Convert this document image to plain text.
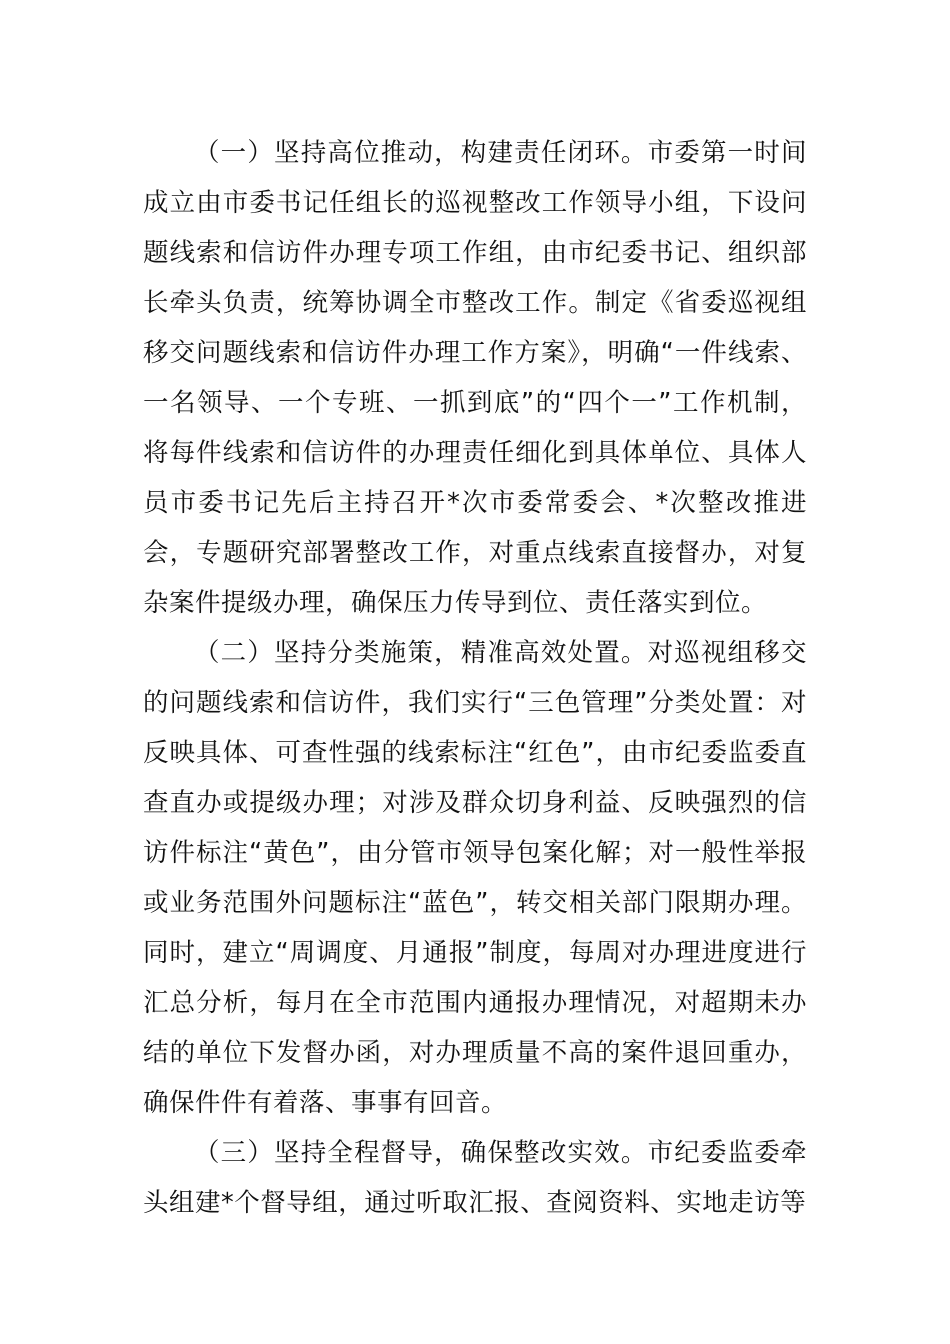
（一）坚持高位推动，构建责任闭环。市委第一时间成立由市委书记任组长的巡视整改工作领导小组，下设问题线索和信访件办理专项工作组，由市纪委书记、组织部长牵头负责，统筹协调全市整改工作。制定《省委巡视组移交问题线索和信访件办理工作方案》，明确“一件线索、一名领导、一个专班、一抓到底”的“四个一”工作机制，将每件线索和信访件的办理责任细化到具体单位、具体人员市委书记先后主持召开*次市委常委会、*次整改推进会，专题研究部署整改工作，对重点线索直接督办，对复杂案件提级办理，确保压力传导到位、责任落实到位。

（二）坚持分类施策，精准高效处置。对巡视组移交的问题线索和信访件，我们实行“三色管理”分类处置：对反映具体、可查性强的线索标注“红色”，由市纪委监委直查直办或提级办理；对涉及群众切身利益、反映强烈的信访件标注“黄色”，由分管市领导包案化解；对一般性举报或业务范围外问题标注“蓝色”，转交相关部门限期办理。同时，建立“周调度、月通报”制度，每周对办理进度进行汇总分析，每月在全市范围内通报办理情况，对超期未办结的单位下发督办函，对办理质量不高的案件退回重办，确保件件有着落、事事有回音。

（三）坚持全程督导，确保整改实效。市纪委监委牵头组建*个督导组，通过听取汇报、查阅资料、实地走访等
